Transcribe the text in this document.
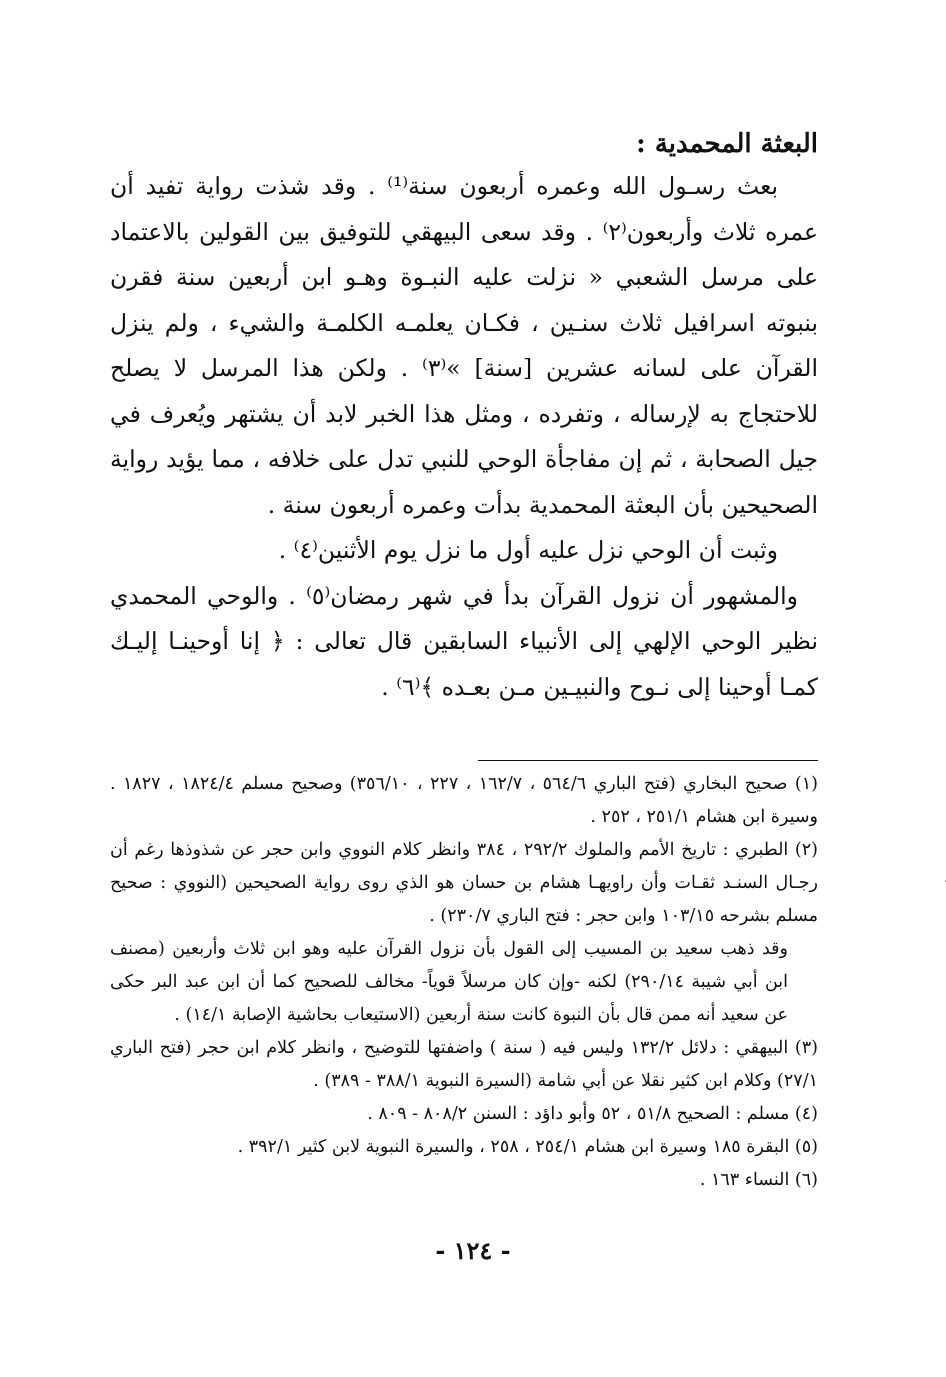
البعثة المحمدية :

بعث رسـول الله وعمره أربعون سنة⁽¹⁾ . وقد شذت رواية تفيد أن عمره ثلاث وأربعون⁽٢⁾ . وقد سعى البيهقي للتوفيق بين القولين بالاعتماد على مرسل الشعبي « نزلت عليه النبـوة وهـو ابن أربعين سنة فقرن بنبوته اسرافيل ثلاث سنـين ، فكـان يعلمـه الكلمـة والشيء ، ولم ينزل القرآن على لسانه عشرين [سنة] »⁽٣⁾ . ولكن هذا المرسل لا يصلح للاحتجاج به لإرساله ، وتفرده ، ومثل هذا الخبر لابد أن يشتهر ويُعرف في جيل الصحابة ، ثم إن مفاجأة الوحي للنبي تدل على خلافه ، مما يؤيد رواية الصحيحين بأن البعثة المحمدية بدأت وعمره أربعون سنة .

وثبت أن الوحي نزل عليه أول ما نزل يوم الأثنين⁽٤⁾ .

والمشهور أن نزول القرآن بدأ في شهر رمضان⁽٥⁾ . والوحي المحمدي نظير الوحي الإلهي إلى الأنبياء السابقين قال تعالى : ﴿ إنا أوحينـا إليـك كمـا أوحينا إلى نـوح والنبيـين مـن بعـده ﴾⁽٦⁾ .

(١) صحيح البخاري (فتح الباري ٥٦٤/٦ ، ١٦٢/٧ ، ٢٢٧ ، ٣٥٦/١٠) وصحيح مسلم ١٨٢٤/٤ ، ١٨٢٧ . وسيرة ابن هشام ٢٥١/١ ، ٢٥٢ .

(٢) الطبري : تاريخ الأمم والملوك ٢٩٢/٢ ، ٣٨٤ وانظر كلام النووي وابن حجر عن شذوذها رغم أن رجـال السنـد ثقـات وأن راويهـا هشام بن حسان هو الذي روى رواية الصحيحين (النووي : صحيح مسلم بشرحه ١٠٣/١٥ وابن حجر : فتح الباري ٢٣٠/٧) .

وقد ذهب سعيد بن المسيب إلى القول بأن نزول القرآن عليه وهو ابن ثلاث وأربعين (مصنف ابن أبي شيبة ٢٩٠/١٤) لكنه -وإن كان مرسلاً قوياً- مخالف للصحيح كما أن ابن عبد البر حكى عن سعيد أنه ممن قال بأن النبوة كانت سنة أربعين (الاستيعاب بحاشية الإصابة ١٤/١) .

(٣) البيهقي : دلائل ١٣٢/٢ وليس فيه ( سنة ) واضفتها للتوضيح ، وانظر كلام ابن حجر (فتح الباري ٢٧/١) وكلام ابن كثير نقلا عن أبي شامة (السيرة النبوية ٣٨٨/١ - ٣٨٩) .

(٤) مسلم : الصحيح ٥١/٨ ، ٥٢ وأبو داؤد : السنن ٨٠٨/٢ - ٨٠٩ .

(٥) البقرة ١٨٥ وسيرة ابن هشام ٢٥٤/١ ، ٢٥٨ ، والسيرة النبوية لابن كثير ٣٩٢/١ .

(٦) النساء ١٦٣ .

- ١٢٤ -
